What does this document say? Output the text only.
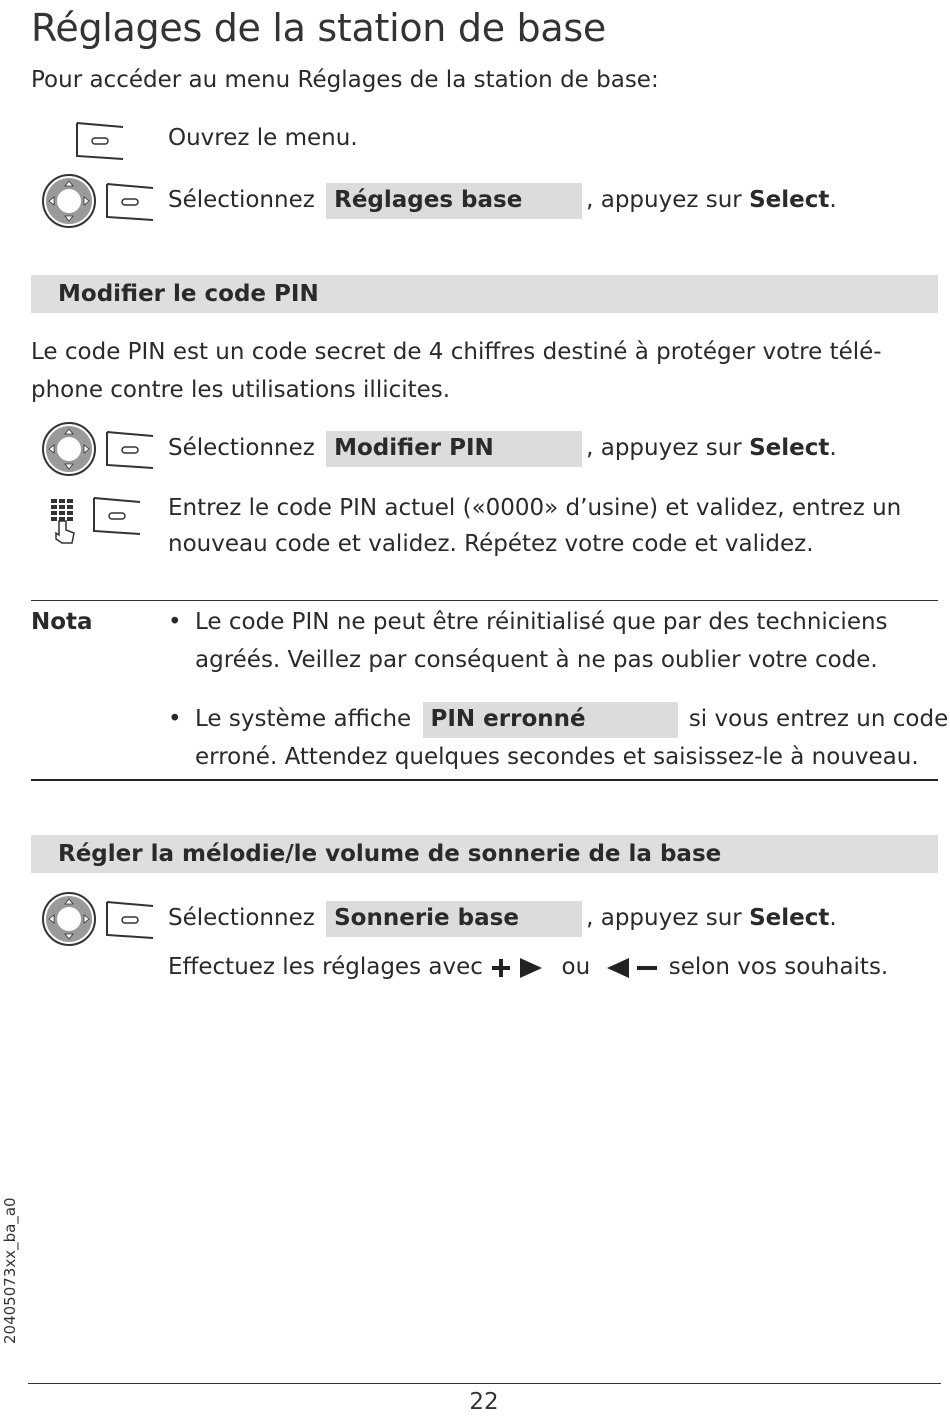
Réglages de la station de base
Pour accéder au menu Réglages de la station de base:
Ouvrez le menu.
Sélectionnez Réglages base	, appuyez sur Select.
Modifier le code PIN
Le code PIN est un code secret de 4 chiffres destiné à protéger votre télé-phone contre les utilisations illicites.
Sélectionnez Modifier PIN	, appuyez sur Select.
Entrez le code PIN actuel («0000» d’usine) et validez, entrez un nouveau code et validez. Répétez votre code et validez.
Nota	• Le code PIN ne peut être réinitialisé que par des techniciens agréés. Veillez par conséquent à ne pas oublier votre code.
• Le système affiche PIN erronné	si vous entrez un code
erroné. Attendez quelques secondes et saisissez-le à nouveau.
Régler la mélodie/le volume de sonnerie de la base
Sélectionnez Sonnerie base	, appuyez sur Select.
Effectuez les réglages avec	ou	selon vos souhaits.
20405073xx_ba_a0
22
